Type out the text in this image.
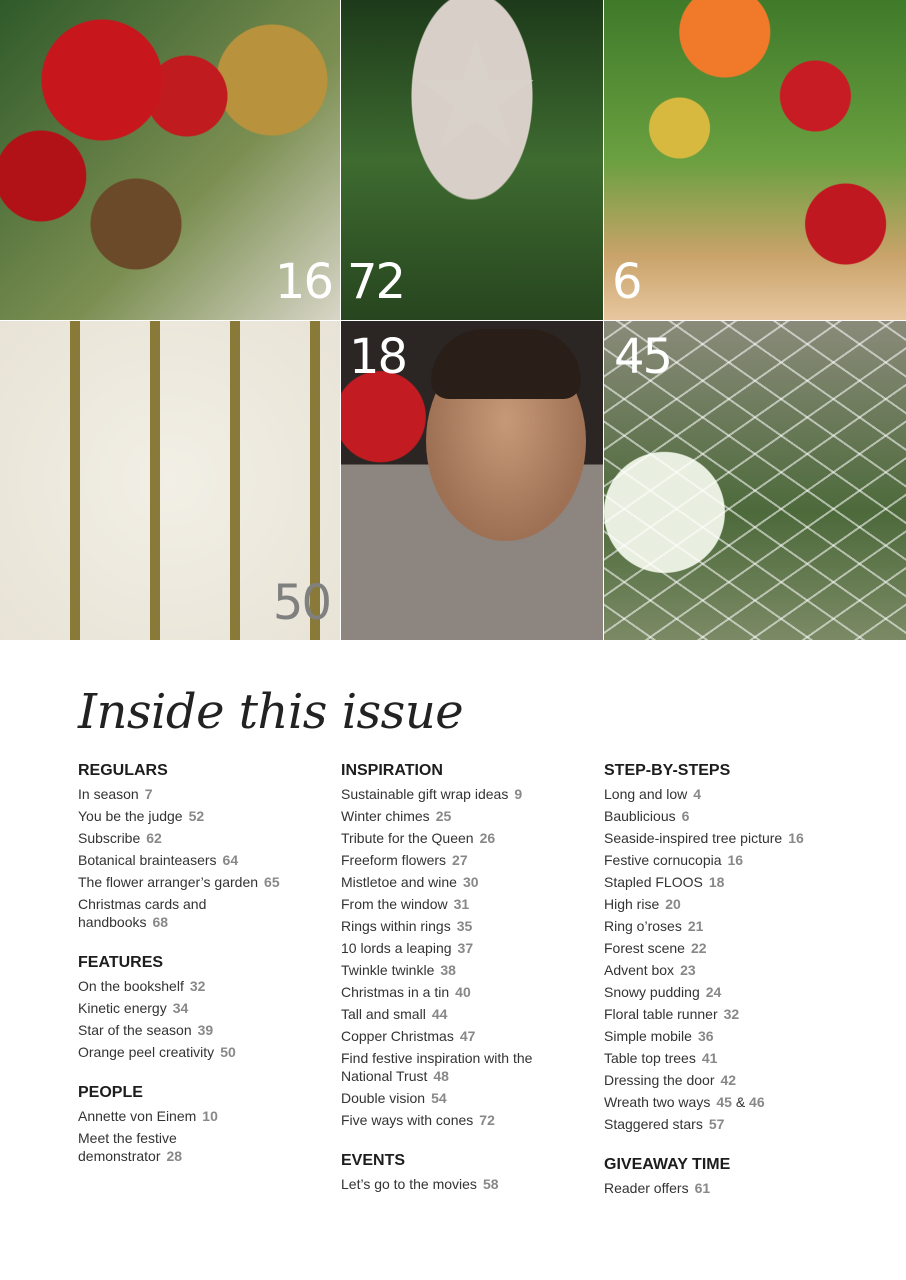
16
★
72	6
50
18	45
Inside this issue

REGULARS

In season 7

You be the judge 52

Subscribe 62

Botanical brainteasers 64

The flower arranger’s garden 65

Christmas cards and handbooks 68

FEATURES

On the bookshelf 32

Kinetic energy 34

Star of the season 39

Orange peel creativity 50

PEOPLE

Annette von Einem 10

Meet the festive demonstrator 28

INSPIRATION

Sustainable gift wrap ideas 9

Winter chimes 25

Tribute for the Queen 26

Freeform flowers 27

Mistletoe and wine 30

From the window 31

Rings within rings 35

10 lords a leaping 37

Twinkle twinkle 38

Christmas in a tin 40

Tall and small 44

Copper Christmas 47

Find festive inspiration with the National Trust 48

Double vision 54

Five ways with cones 72

EVENTS

Let’s go to the movies 58

STEP-BY-STEPS

Long and low 4

Baublicious 6

Seaside-inspired tree picture 16

Festive cornucopia 16

Stapled FLOOS 18

High rise 20

Ring o’roses 21

Forest scene 22

Advent box 23

Snowy pudding 24

Floral table runner 32

Simple mobile 36

Table top trees 41

Dressing the door 42

Wreath two ways 45 & 46

Staggered stars 57

GIVEAWAY TIME

Reader offers 61
